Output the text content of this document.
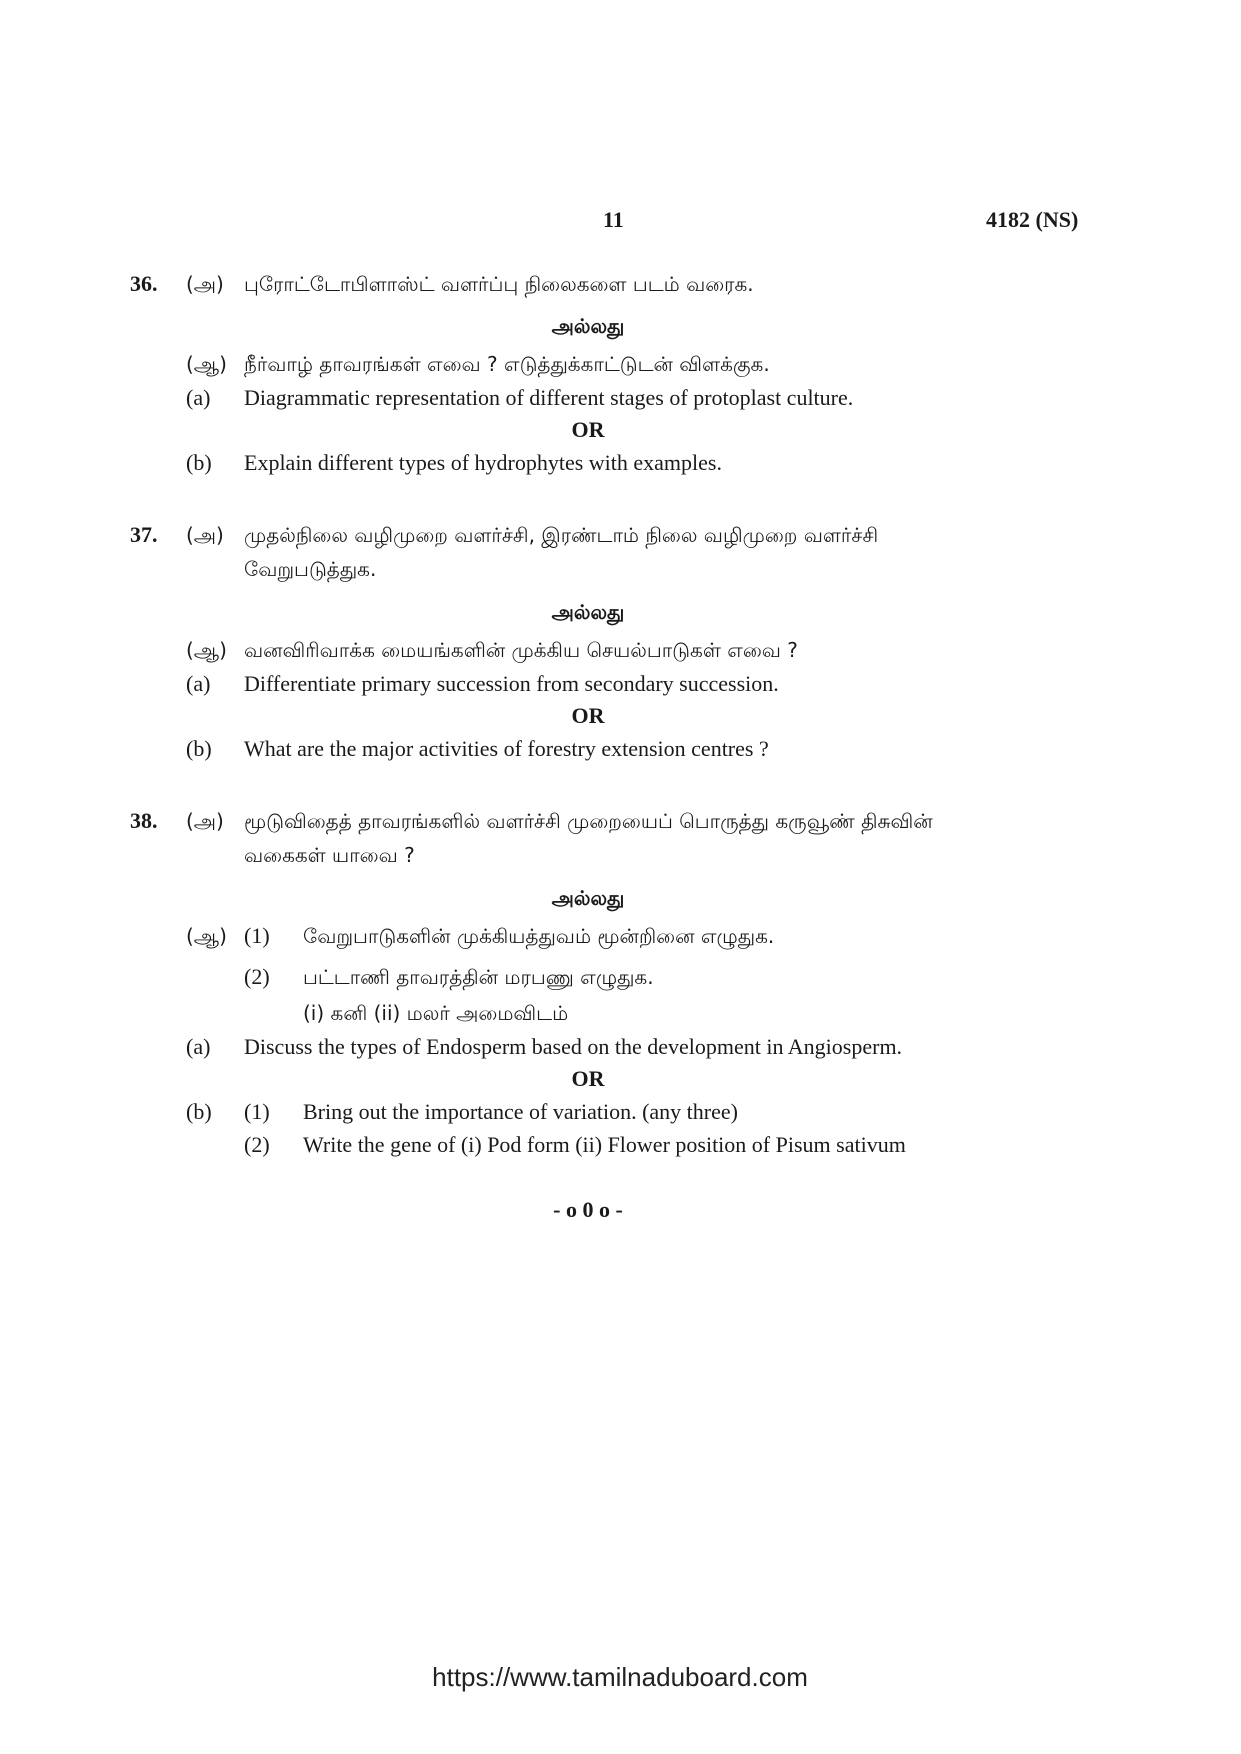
11	4182 (NS)
36. (அ) புரோட்டோபிளாஸ்ட் வளர்ப்பு நிலைகளை படம் வரைக.
அல்லது
(ஆ) நீர்வாழ் தாவரங்கள் எவை ? எடுத்துக்காட்டுடன் விளக்குக.
(a) Diagrammatic representation of different stages of protoplast culture.
OR
(b) Explain different types of hydrophytes with examples.
37. (அ) முதல்நிலை வழிமுறை வளர்ச்சி, இரண்டாம் நிலை வழிமுறை வளர்ச்சி
வேறுபடுத்துக.
அல்லது
(ஆ) வனவிரிவாக்க மையங்களின் முக்கிய செயல்பாடுகள் எவை ?
(a) Differentiate primary succession from secondary succession.
OR
(b) What are the major activities of forestry extension centres ?
38. (அ) மூடுவிதைத் தாவரங்களில் வளர்ச்சி முறையைப் பொருத்து கருவூண் திசுவின்
வகைகள் யாவை ?
அல்லது
(ஆ) (1) வேறுபாடுகளின் முக்கியத்துவம் மூன்றினை எழுதுக.
(2) பட்டாணி தாவரத்தின் மரபணு எழுதுக.
(i) கனி (ii) மலர் அமைவிடம்
(a) Discuss the types of Endosperm based on the development in Angiosperm.
OR
(b) (1) Bring out the importance of variation. (any three)
(2) Write the gene of (i) Pod form (ii) Flower position of Pisum sativum
- o 0 o -
https://www.tamilnaduboard.com
